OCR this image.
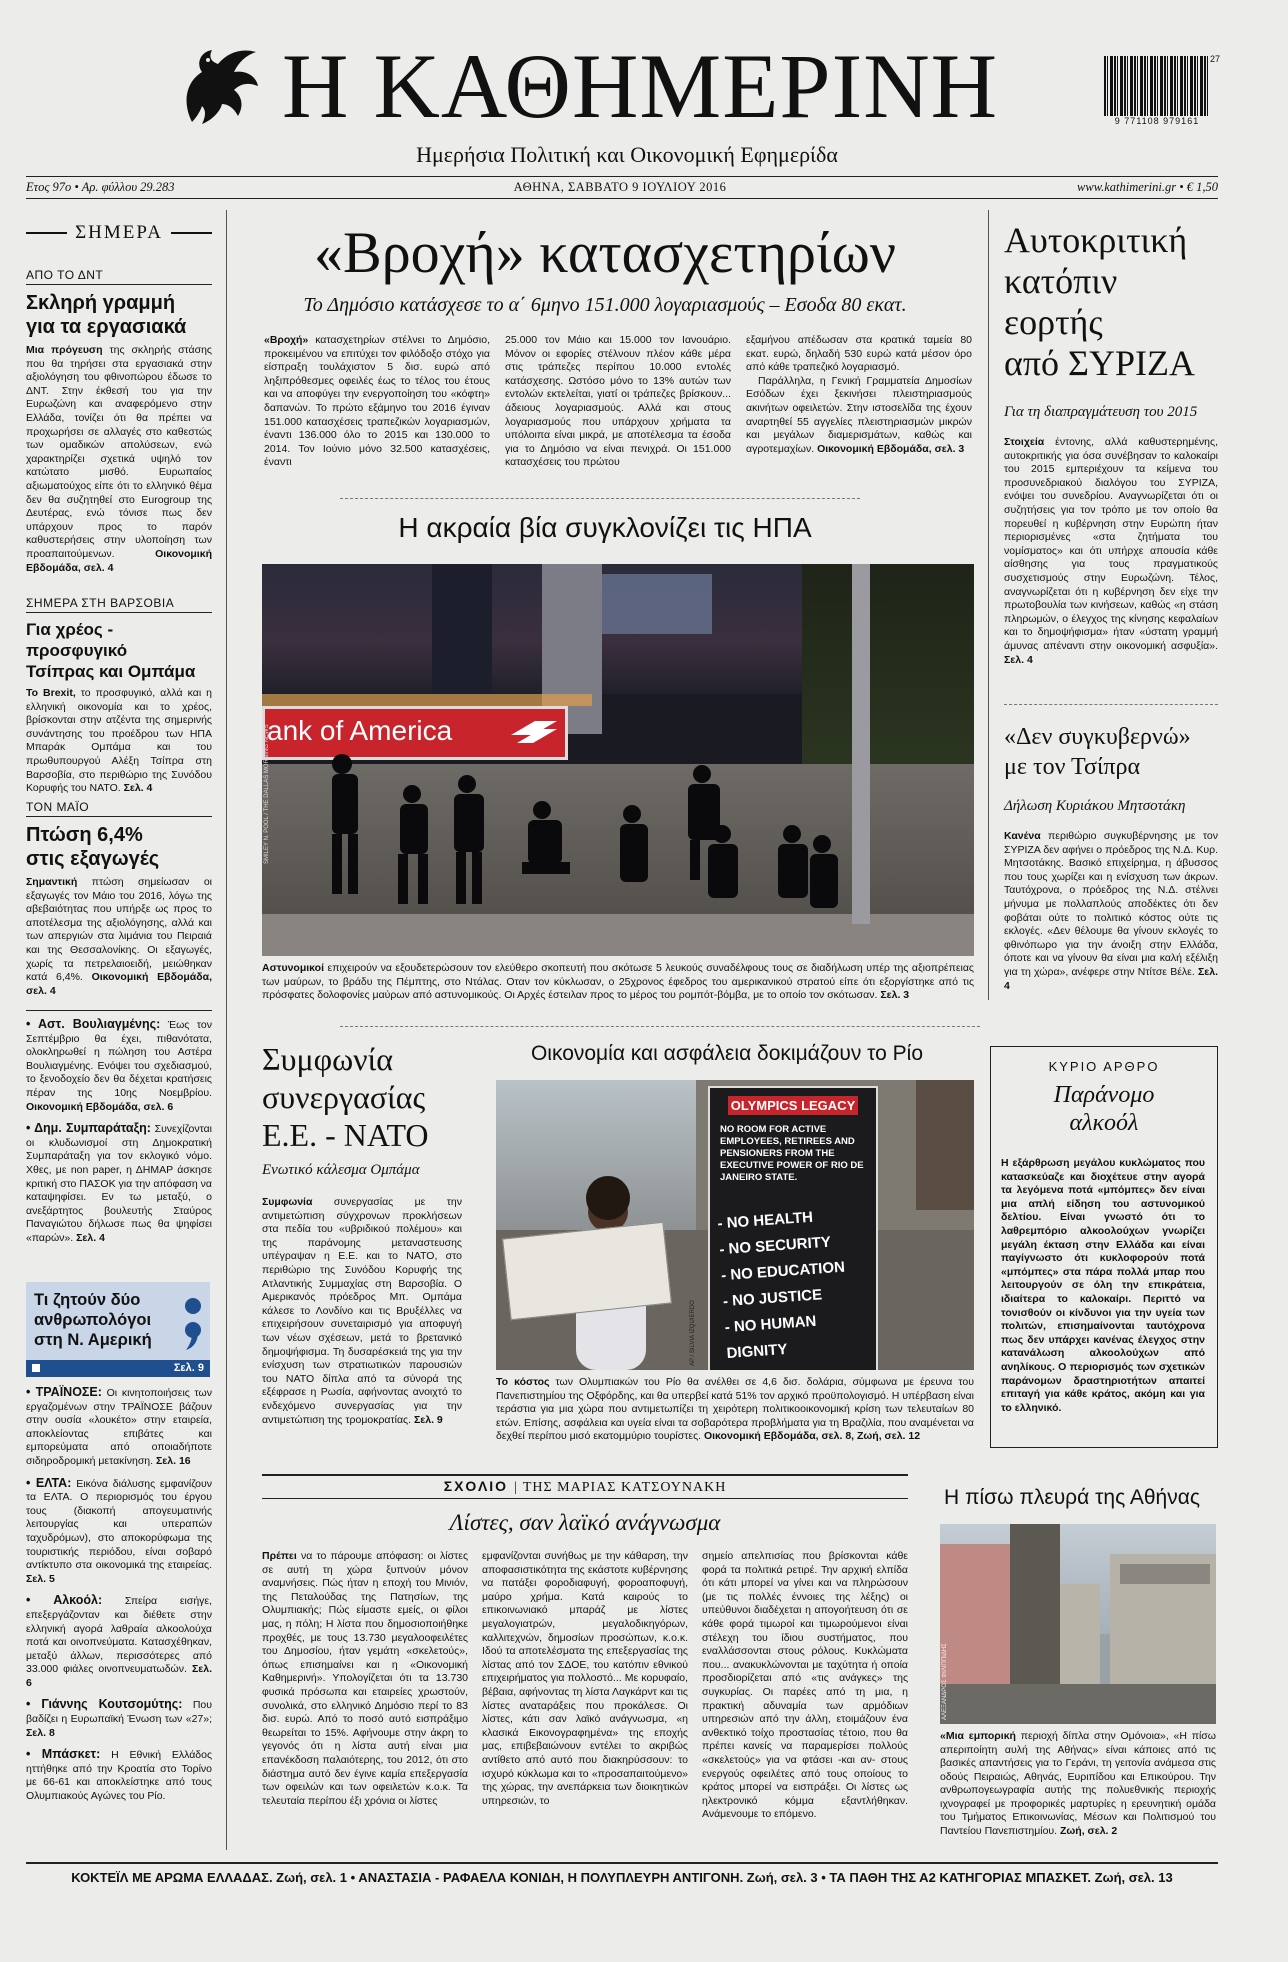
Η ΚΑΘΗΜΕΡΙΝΗ
Ημερήσια Πολιτική και Οικονομική Εφημερίδα
27
9 771108 979161
Ετος 97ο • Αρ. φύλλου 29.283	ΑΘΗΝΑ, ΣΑΒΒΑΤΟ 9 ΙΟΥΛΙΟΥ 2016	www.kathimerini.gr • € 1,50
ΣΗΜΕΡΑ
ΑΠΟ ΤΟ ΔΝΤ
Σκληρή γραμμή
για τα εργασιακά
Μια πρόγευση της σκληρής στάσης που θα τηρήσει στα εργασιακά στην αξιολόγηση του φθινοπώρου έδωσε το ΔΝΤ. Στην έκθεσή του για την Ευρωζώνη και αναφερόμενο στην Ελλάδα, τονίζει ότι θα πρέπει να προχωρήσει σε αλλαγές στο καθεστώς των ομαδικών απολύσεων, ενώ χαρακτηρίζει σχετικά υψηλό τον κατώτατο μισθό. Ευρωπαίος αξιωματούχος είπε ότι το ελληνικό θέμα δεν θα συζητηθεί στο Eurogroup της Δευτέρας, ενώ τόνισε πως δεν υπάρχουν προς το παρόν καθυστερήσεις στην υλοποίηση των προαπαιτούμενων.	Οικονομική Εβδομάδα, σελ. 4
ΣΗΜΕΡΑ ΣΤΗ ΒΑΡΣΟΒΙΑ
Για χρέος - προσφυγικό
Τσίπρας και Ομπάμα
Το Brexit, το προσφυγικό, αλλά και η ελληνική οικονομία και το χρέος, βρίσκονται στην ατζέντα της σημερινής συνάντησης του προέδρου των ΗΠΑ Μπαράκ Ομπάμα και του πρωθυπουργού Αλέξη Τσίπρα στη Βαρσοβία, στο περιθώριο της Συνόδου Κορυφής του ΝΑΤΟ. Σελ. 4
ΤΟΝ ΜΑΪΟ
Πτώση 6,4%
στις εξαγωγές
Σημαντική πτώση σημείωσαν οι εξαγωγές τον Μάιο του 2016, λόγω της αβεβαιότητας που υπήρξε ως προς το αποτέλεσμα της αξιολόγησης, αλλά και των απεργιών στα λιμάνια του Πειραιά και της Θεσσαλονίκης. Οι εξαγωγές, χωρίς τα πετρελαιοειδή, μειώθηκαν κατά 6,4%. Οικονομική Εβδομάδα, σελ. 4
• Αστ. Βουλιαγμένης: Έως τον Σεπτέμβριο θα έχει, πιθανότατα, ολοκληρωθεί η πώληση του Αστέρα Βουλιαγμένης. Ενόψει του σχεδιασμού, το ξενοδοχείο δεν θα δέχεται κρατήσεις πέραν της 10ης Νοεμβρίου. Οικονομική Εβδομάδα, σελ. 6
• Δημ. Συμπαράταξη: Συνεχίζονται οι κλυδωνισμοί στη Δημοκρατική Συμπαράταξη για τον εκλογικό νόμο. Χθες, με non paper, η ΔΗΜΑΡ άσκησε κριτική στο ΠΑΣΟΚ για την απόφαση να καταψηφίσει. Εν τω μεταξύ, ο ανεξάρτητος βουλευτής Σταύρος Παναγιώτου δήλωσε πως θα ψηφίσει «παρών». Σελ. 4
Τι ζητούν δύο ανθρωπολόγοι στη Ν. Αμερική
Σελ. 9
• ΤΡΑΪΝΟΣΕ: Οι κινητοποιήσεις των εργαζομένων στην ΤΡΑΪΝΟΣΕ βάζουν στην ουσία «λουκέτο» στην εταιρεία, αποκλείοντας επιβάτες και εμπορεύματα από οποιαδήποτε σιδηροδρομική μετακίνηση. Σελ. 16
• ΕΛΤΑ: Εικόνα διάλυσης εμφανίζουν τα ΕΛΤΑ. Ο περιορισμός του έργου τους (διακοπή απογευματινής λειτουργίας και υπεραπών ταχυδρόμων), στο αποκορύφωμα της τουριστικής περιόδου, είναι σοβαρό αντίκτυπο στα οικονομικά της εταιρείας. Σελ. 5
• Αλκοόλ: Σπείρα εισήγε, επεξεργάζονταν και διέθετε στην ελληνική αγορά λαθραία αλκοολούχα ποτά και οινοπνεύματα. Κατασχέθηκαν, μεταξύ άλλων, περισσότερες από 33.000 φιάλες οινοπνευματωδών. Σελ. 6
• Γιάννης Κουτσομύτης: Που βαδίζει η Ευρωπαϊκή Ένωση των «27»; Σελ. 8
• Μπάσκετ: Η Εθνική Ελλάδος ηττήθηκε από την Κροατία στο Τορίνο με 66-61 και αποκλείστηκε από τους Ολυμπιακούς Αγώνες του Ρίο.
«Βροχή» κατασχετηρίων
Το Δημόσιο κατάσχεσε το α΄ 6μηνο 151.000 λογαριασμούς – Εσοδα 80 εκατ.
«Βροχή» κατασχετηρίων στέλνει το Δημόσιο, προκειμένου να επιτύχει τον φιλόδοξο στόχο για είσπραξη τουλάχιστον 5 δισ. ευρώ από ληξιπρόθεσμες οφειλές έως το τέλος του έτους και να αποφύγει την ενεργοποίηση του «κόφτη» δαπανών. Το πρώτο εξάμηνο του 2016 έγιναν 151.000 κατασχέσεις τραπεζικών λογαριασμών, έναντι 136.000 όλο το 2015 και 130.000 το 2014. Τον Ιούνιο μόνο 32.500 κατασχέσεις, έναντι
25.000 τον Μάιο και 15.000 τον Ιανουάριο. Μόνον οι εφορίες στέλνουν πλέον κάθε μέρα στις τράπεζες περίπου 10.000 εντολές κατάσχεσης. Ωστόσο μόνο το 13% αυτών των εντολών εκτελείται, γιατί οι τράπεζες βρίσκουν... άδειους λογαριασμούς. Αλλά και στους λογαριασμούς που υπάρχουν χρήματα τα υπόλοιπα είναι μικρά, με αποτέλεσμα τα έσοδα για το Δημόσιο να είναι πενιχρά. Οι 151.000 κατασχέσεις του πρώτου
εξαμήνου απέδωσαν στα κρατικά ταμεία 80 εκατ. ευρώ, δηλαδή 530 ευρώ κατά μέσον όρο από κάθε τραπεζικό λογαριασμό.
Παράλληλα, η Γενική Γραμματεία Δημοσίων Εσόδων έχει ξεκινήσει πλειστηριασμούς ακινήτων οφειλετών. Στην ιστοσελίδα της έχουν αναρτηθεί 55 αγγελίες πλειστηριασμών μικρών και μεγάλων διαμερισμάτων, καθώς και αγροτεμαχίων. Οικονομική Εβδομάδα, σελ. 3
Η ακραία βία συγκλονίζει τις ΗΠΑ
ank of America
SMILEY N. POOL / THE DALLAS MORNING NEWS
Αστυνομικοί επιχειρούν να εξουδετερώσουν τον ελεύθερο σκοπευτή που σκότωσε 5 λευκούς συναδέλφους τους σε διαδήλωση υπέρ της αξιοπρέπειας των μαύρων, το βράδυ της Πέμπτης, στο Ντάλας. Οταν τον κύκλωσαν, ο 25χρονος έφεδρος του αμερικανικού στρατού είπε ότι εξοργίστηκε από τις πρόσφατες δολοφονίες μαύρων από αστυνομικούς. Οι Αρχές έστειλαν προς το μέρος του ρομπότ-βόμβα, με το οποίο τον σκότωσαν. Σελ. 3
Αυτοκριτική
κατόπιν
εορτής
από ΣΥΡΙΖΑ
Για τη διαπραγμάτευση του 2015
Στοιχεία έντονης, αλλά καθυστερημένης, αυτοκριτικής για όσα συνέβησαν το καλοκαίρι του 2015 εμπεριέχουν τα κείμενα του προσυνεδριακού διαλόγου του ΣΥΡΙΖΑ, ενόψει του συνεδρίου. Αναγνωρίζεται ότι οι συζητήσεις για τον τρόπο με τον οποίο θα πορευθεί η κυβέρνηση στην Ευρώπη ήταν περιορισμένες «στα ζητήματα του νομίσματος» και ότι υπήρχε απουσία κάθε αίσθησης για τους πραγματικούς συσχετισμούς στην Ευρωζώνη. Τέλος, αναγνωρίζεται ότι η κυβέρνηση δεν είχε την πρωτοβουλία των κινήσεων, καθώς «η στάση πληρωμών, ο έλεγχος της κίνησης κεφαλαίων και το δημοψήφισμα» ήταν «ύστατη γραμμή άμυνας απέναντι στην οικονομική ασφυξία». Σελ. 4
«Δεν συγκυβερνώ»
με τον Τσίπρα
Δήλωση Κυριάκου Μητσοτάκη
Κανένα περιθώριο συγκυβέρνησης με τον ΣΥΡΙΖΑ δεν αφήνει ο πρόεδρος της Ν.Δ. Κυρ. Μητσοτάκης. Βασικό επιχείρημα, η άβυσσος που τους χωρίζει και η ενίσχυση των άκρων. Ταυτόχρονα, ο πρόεδρος της Ν.Δ. στέλνει μήνυμα με πολλαπλούς αποδέκτες ότι δεν φοβάται ούτε το πολιτικό κόστος ούτε τις εκλογές. «Δεν θέλουμε θα γίνουν εκλογές το φθινόπωρο για την άνοιξη στην Ελλάδα, όποτε και να γίνουν θα είναι μια καλή εξέλιξη για τη χώρα», ανέφερε στην Ντίτσε Βέλε. Σελ. 4
Συμφωνία
συνεργασίας
Ε.Ε. - ΝΑΤΟ
Ενωτικό κάλεσμα Ομπάμα
Συμφωνία συνεργασίας με την αντιμετώπιση σύγχρονων προκλήσεων στα πεδία του «υβριδικού πολέμου» και της παράνομης μεταναστευσης υπέγραψαν η Ε.Ε. και το ΝΑΤΟ, στο περιθώριο της Συνόδου Κορυφής της Ατλαντικής Συμμαχίας στη Βαρσοβία. Ο Αμερικανός πρόεδρος Μπ. Ομπάμα κάλεσε το Λονδίνο και τις Βρυξέλλες να επιχειρήσουν συνεταιρισμό για αποφυγή των νέων σχέσεων, μετά το βρετανικό δημοψήφισμα. Τη δυσαρέσκειά της για την ενίσχυση των στρατιωτικών παρουσιών του ΝΑΤΟ δίπλα από τα σύνορά της εξέφρασε η Ρωσία, αφήνοντας ανοιχτό το ενδεχόμενο συνεργασίας για την αντιμετώπιση της τρομοκρατίας. Σελ. 9
Οικονομία και ασφάλεια δοκιμάζουν το Ρίο
OLYMPICS LEGACY
NO ROOM FOR ACTIVE EMPLOYEES, RETIREES AND PENSIONERS FROM THE EXECUTIVE POWER OF RIO DE JANEIRO STATE.
- NO HEALTH
- NO SECURITY
- NO EDUCATION
- NO JUSTICE
- NO HUMAN DIGNITY
AP / SILVIA IZQUIERDO
Το κόστος των Ολυμπιακών του Ρίο θα ανέλθει σε 4,6 δισ. δολάρια, σύμφωνα με έρευνα του Πανεπιστημίου της Οξφόρδης, και θα υπερβεί κατά 51% τον αρχικό προϋπολογισμό. Η υπέρβαση είναι τεράστια για μια χώρα που αντιμετωπίζει τη χειρότερη πολιτικοοικονομική κρίση των τελευταίων 80 ετών. Επίσης, ασφάλεια και υγεία είναι τα σοβαρότερα προβλήματα για τη Βραζιλία, που αναμένεται να δεχθεί περίπου μισό εκατομμύριο τουρίστες. Οικονομική Εβδομάδα, σελ. 8, Ζωή, σελ. 12
ΚΥΡΙΟ ΑΡΘΡΟ
Παράνομο
αλκοόλ
Η εξάρθρωση μεγάλου κυκλώματος που κατασκεύαζε και διοχέτευε στην αγορά τα λεγόμενα ποτά «μπόμπες» δεν είναι μια απλή είδηση του αστυνομικού δελτίου. Είναι γνωστό ότι το λαθρεμπόριο αλκοολούχων γνωρίζει μεγάλη έκταση στην Ελλάδα και είναι παγίγνωστο ότι κυκλοφορούν ποτά «μπόμπες» στα πάρα πολλά μπαρ που λειτουργούν σε όλη την επικράτεια, ιδιαίτερα το καλοκαίρι. Περιττό να τονισθούν οι κίνδυνοι για την υγεία των πολιτών, επισημαίνονται ταυτόχρονα πως δεν υπάρχει κανένας έλεγχος στην κατανάλωση αλκοολούχων από ανηλίκους. Ο περιορισμός των σχετικών παράνομων δραστηριοτήτων απαιτεί επιταγή για κάθε κράτος, ακόμη και για το ελληνικό.
ΣΧΟΛΙΟ | ΤΗΣ ΜΑΡΙΑΣ ΚΑΤΣΟΥΝΑΚΗ
Λίστες, σαν λαϊκό ανάγνωσμα
Πρέπει να το πάρουμε απόφαση: οι λίστες σε αυτή τη χώρα ξυπνούν μόνον αναμνήσεις. Πώς ήταν η εποχή του Μινιόν, της Πεταλούδας της Πατησίων, της Ολυμπιακής; Πώς είμαστε εμείς, οι φίλοι μας, η πόλη; Η λίστα που δημοσιοποιήθηκε προχθές, με τους 13.730 μεγαλοοφειλέτες του Δημοσίου, ήταν γεμάτη «σκελετούς», όπως επισημαίνει και η «Οικονομική Καθημερινή». Υπολογίζεται ότι τα 13.730 φυσικά πρόσωπα και εταιρείες χρωστούν, συνολικά, στο ελληνικό Δημόσιο περί το 83 δισ. ευρώ. Από το ποσό αυτό εισπράξιμο θεωρείται το 15%. Αφήνουμε στην άκρη το γεγονός ότι η λίστα αυτή είναι μια επανέκδοση παλαιότερης, του 2012, ότι στο διάστημα αυτό δεν έγινε καμία επεξεργασία των οφειλών και των οφειλετών κ.ο.κ. Τα τελευταία περίπου έξι χρόνια οι λίστες
εμφανίζονται συνήθως με την κάθαρση, την αποφασιστικότητα της εκάστοτε κυβέρνησης να πατάξει φοροδιαφυγή, φοροαποφυγή, μαύρο χρήμα. Κατά καιρούς το επικοινωνιακό μπαράζ με λίστες μεγαλογιατρών, μεγαλοδικηγόρων, καλλιτεχνών, δημοσίων προσώπων, κ.ο.κ. Ιδού τα αποτελέσματα της επεξεργασίας της λίστας από τον ΣΔΟΕ, του κατόπιν εθνικού επιχειρήματος για πολλοστό... Με κορυφαίο, βέβαια, αφήνοντας τη λίστα Λαγκάρντ και τις λίστες αναταράξεις που προκάλεσε. Οι λίστες, κάτι σαν λαϊκό ανάγνωσμα, «η κλασικά Εικονογραφημένα» της εποχής μας, επιβεβαιώνουν εντέλει το ακριβώς αντίθετο από αυτό που διακηρύσσουν: το ισχυρό κύκλωμα και το «προσαπαιτούμενο» της χώρας, την ανεπάρκεια των διοικητικών υπηρεσιών, το
σημείο απελπισίας που βρίσκονται κάθε φορά τα πολιτικά ρετιρέ. Την αρχική ελπίδα ότι κάτι μπορεί να γίνει και να πληρώσουν (με τις πολλές έννοιες της λέξης) οι υπεύθυνοι διαδέχεται η απογοήτευση ότι σε κάθε φορά τιμωροί και τιμωρούμενοι είναι στέλεχη του ίδιου συστήματος, που εναλλάσσονται στους ρόλους. Κυκλώματα που... ανακυκλώνονται με ταχύτητα ή οποία προσδιορίζεται από «τις ανάγκες» της συγκυρίας. Οι παρέες από τη μια, η πρακτική αδυναμία των αρμόδιων υπηρεσιών από την άλλη, ετοιμάζουν ένα ανθεκτικό τοίχο προστασίας τέτοιο, που θα πρέπει κανείς να παραμερίσει πολλούς «σκελετούς» για να φτάσει -και αν- στους ενεργούς οφειλέτες από τους οποίους το κράτος μπορεί να εισπράξει. Οι λίστες ως ηλεκτρονικό κόμμα εξαντλήθηκαν. Ανάμενουμε το επόμενο.
Η πίσω πλευρά της Αθήνας
ΑΛΕΞΑΝΔΡΟΣ ΦΙΛΙΠΠΙΔΗΣ
«Μια εμπορική περιοχή δίπλα στην Ομόνοια», «Η πίσω απεριποίητη αυλή της Αθήνας» είναι κάποιες από τις βασικές απαντήσεις για το Γεράνι, τη γειτονία ανάμεσα στις οδούς Πειραιώς, Αθηνάς, Ευριπίδου και Επικούρου. Την ανθρωπογεωγραφία αυτής της πολυεθνικής περιοχής ιχνογραφεί με προφορικές μαρτυρίες η ερευνητική ομάδα του Τμήματος Επικοινωνίας, Μέσων και Πολιτισμού του Παντείου Πανεπιστημίου. Ζωή, σελ. 2
ΚΟΚΤΕΪΛ ΜΕ ΑΡΩΜΑ ΕΛΛΑΔΑΣ. Ζωή, σελ. 1 • ΑΝΑΣΤΑΣΙΑ - ΡΑΦΑΕΛΑ ΚΟΝΙΔΗ, Η ΠΟΛΥΠΛΕΥΡΗ ΑΝΤΙΓΟΝΗ. Ζωή, σελ. 3 • ΤΑ ΠΑΘΗ ΤΗΣ Α2 ΚΑΤΗΓΟΡΙΑΣ ΜΠΑΣΚΕΤ. Ζωή, σελ. 13
